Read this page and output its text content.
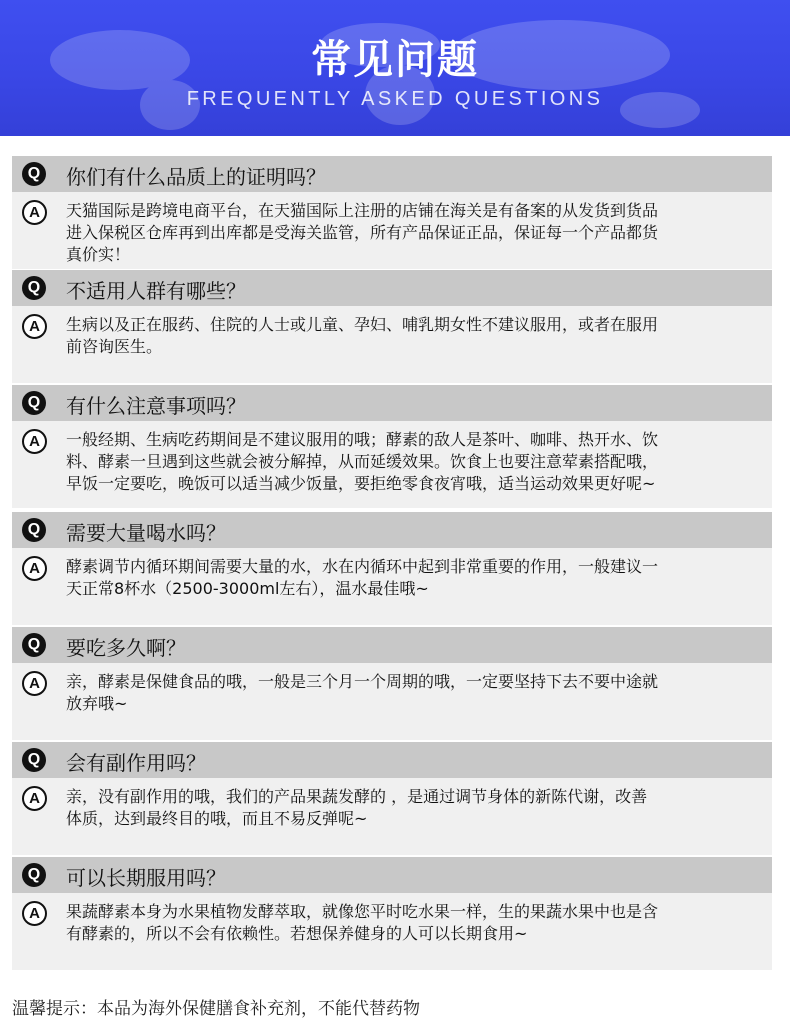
常见问题
FREQUENTLY ASKED QUESTIONS
Q 你们有什么品质上的证明吗？
A	天猫国际是跨境电商平台，在天猫国际上注册的店铺在海关是有备案的从发货到货品
进入保税区仓库再到出库都是受海关监管，所有产品保证正品，保证每一个产品都货
真价实！
Q 不适用人群有哪些？
A	生病以及正在服药、住院的人士或儿童、孕妇、哺乳期女性不建议服用，或者在服用
前咨询医生。
Q 有什么注意事项吗？
A	一般经期、生病吃药期间是不建议服用的哦；酵素的敌人是茶叶、咖啡、热开水、饮
料、酵素一旦遇到这些就会被分解掉，从而延缓效果。饮食上也要注意荤素搭配哦，
早饭一定要吃，晚饭可以适当减少饭量，要拒绝零食夜宵哦，适当运动效果更好呢~
Q 需要大量喝水吗？
A	酵素调节内循环期间需要大量的水，水在内循环中起到非常重要的作用，一般建议一
天正常8杯水（2500-3000ml左右），温水最佳哦~
Q 要吃多久啊？
A	亲，酵素是保健食品的哦，一般是三个月一个周期的哦，一定要坚持下去不要中途就
放弃哦~
Q 会有副作用吗？
A	亲，没有副作用的哦，我们的产品果蔬发酵的 ，是通过调节身体的新陈代谢，改善
体质，达到最终目的哦，而且不易反弹呢~
Q 可以长期服用吗？
A	果蔬酵素本身为水果植物发酵萃取，就像您平时吃水果一样，生的果蔬水果中也是含
有酵素的，所以不会有依赖性。若想保养健身的人可以长期食用~
温馨提示：本品为海外保健膳食补充剂，不能代替药物
